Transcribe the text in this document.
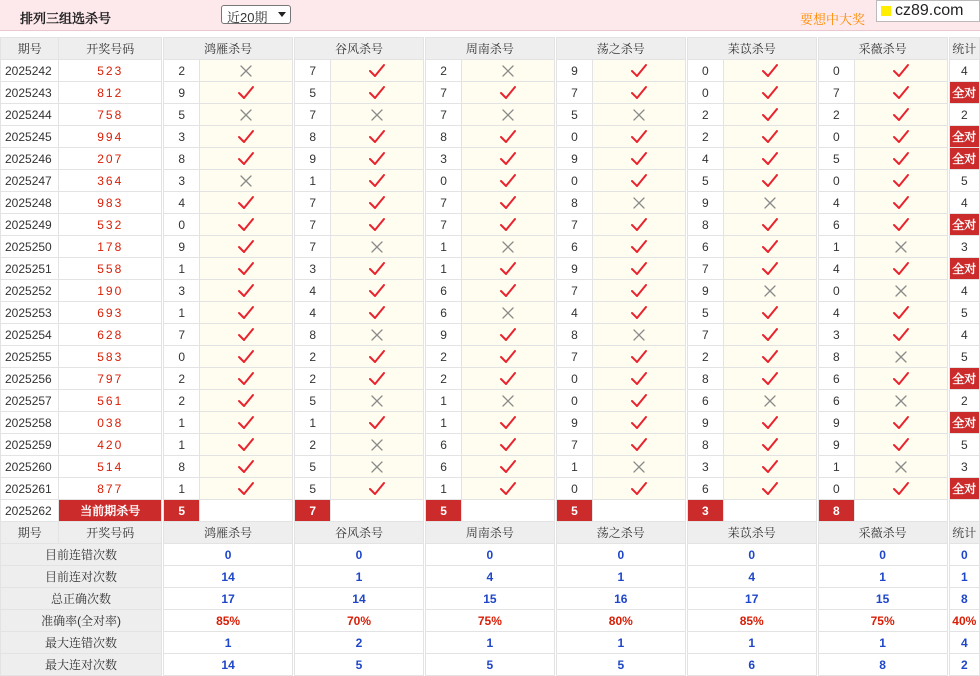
排列三组选杀号	近20期	要想中大奖
cz89.com
期号	开奖号码		鸿雁杀号			谷风杀号			周南杀号			荡之杀号			苿苡杀号			采薇杀号			统计
2025242	523		2			7			2			9			0			0			4
2025243	812		9			5			7			7			0			7			全对
2025244	758		5			7			7			5			2			2			2
2025245	994		3			8			8			0			2			0			全对
2025246	207		8			9			3			9			4			5			全对
2025247	364		3			1			0			0			5			0			5
2025248	983		4			7			7			8			9			4			4
2025249	532		0			7			7			7			8			6			全对
2025250	178		9			7			1			6			6			1			3
2025251	558		1			3			1			9			7			4			全对
2025252	190		3			4			6			7			9			0			4
2025253	693		1			4			6			4			5			4			5
2025254	628		7			8			9			8			7			3			4
2025255	583		0			2			2			7			2			8			5
2025256	797		2			2			2			0			8			6			全对
2025257	561		2			5			1			0			6			6			2
2025258	038		1			1			1			9			9			9			全对
2025259	420		1			2			6			7			8			9			5
2025260	514		8			5			6			1			3			1			3
2025261	877		1			5			1			0			6			0			全对
2025262	当前期杀号		5			7			5			5			3			8			
期号	开奖号码		鸿雁杀号			谷风杀号			周南杀号			荡之杀号			苿苡杀号			采薇杀号			统计
目前连错次数			0			0			0			0			0			0			0
目前连对次数			14			1			4			1			4			1			1
总正确次数			17			14			15			16			17			15			8
准确率(全对率)			85%			70%			75%			80%			85%			75%			40%
最大连错次数			1			2			1			1			1			1			4
最大连对次数			14			5			5			5			6			8			2
